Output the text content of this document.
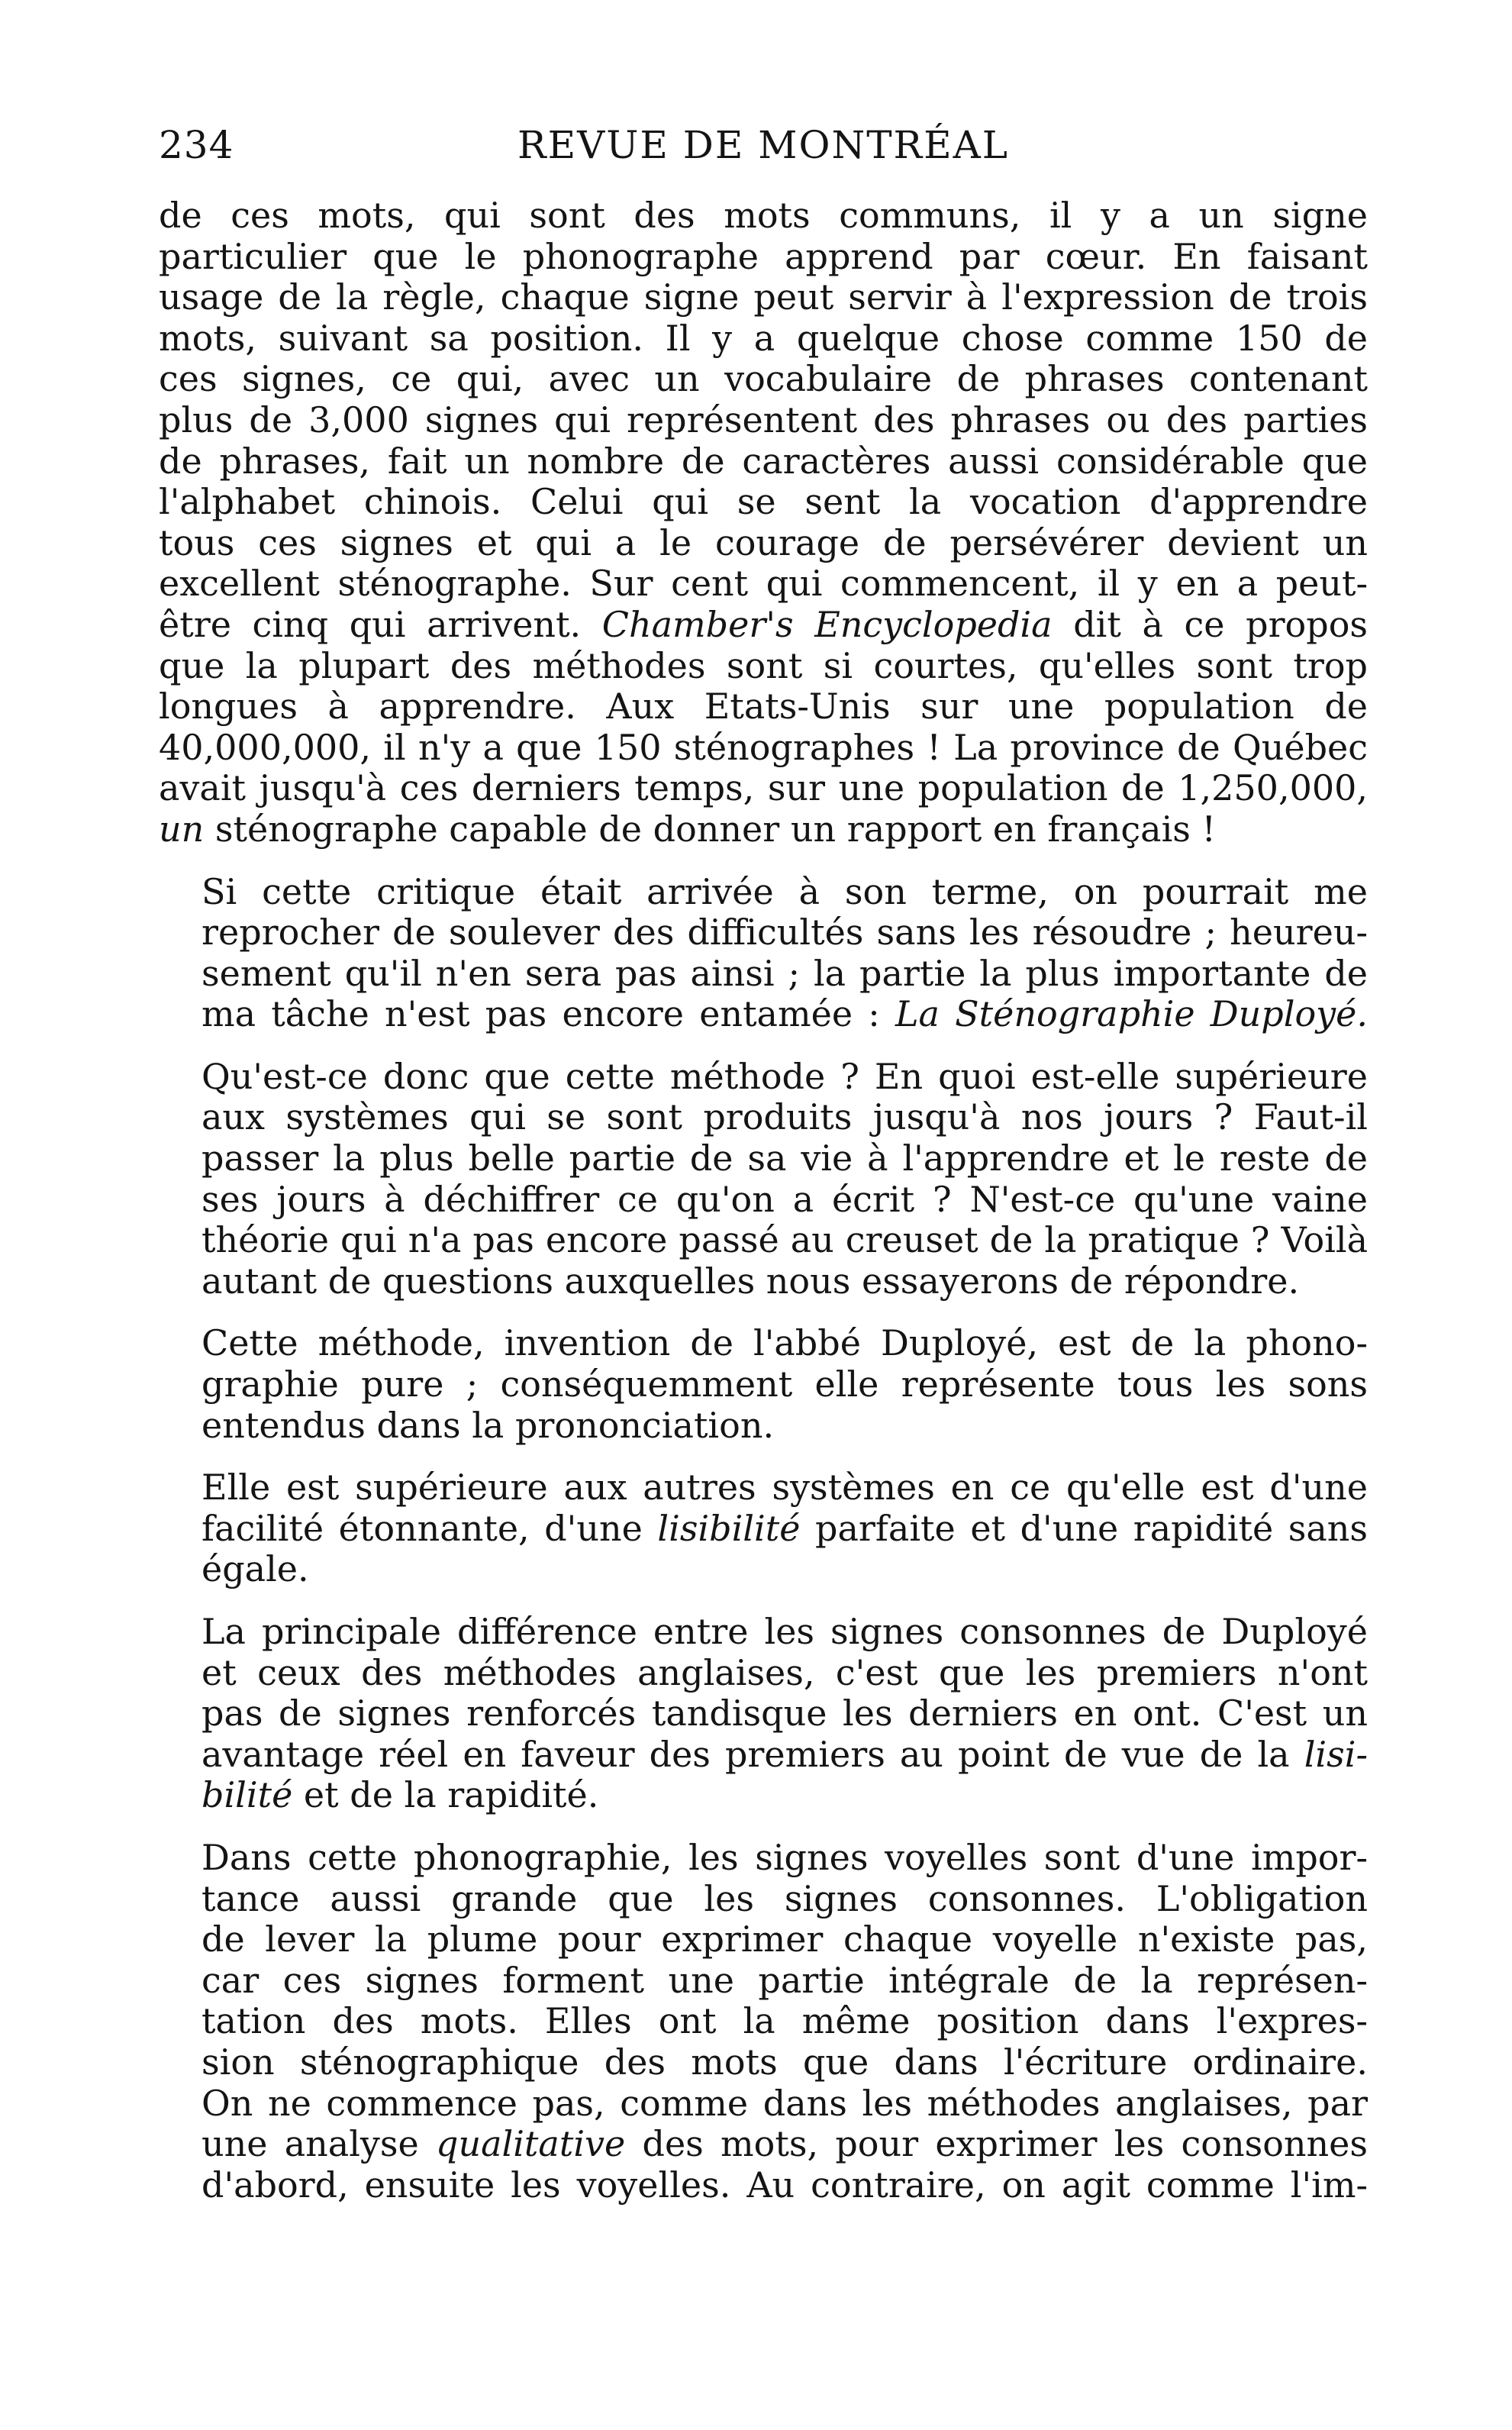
234	REVUE DE MONTRÉAL

de ces mots, qui sont des mots communs, il y a un signe
particulier que le phonographe apprend par cœur. En faisant
usage de la règle, chaque signe peut servir à l'expression de trois
mots, suivant sa position. Il y a quelque chose comme 150 de
ces signes, ce qui, avec un vocabulaire de phrases contenant
plus de 3,000 signes qui représentent des phrases ou des parties
de phrases, fait un nombre de caractères aussi considérable que
l'alphabet chinois. Celui qui se sent la vocation d'apprendre
tous ces signes et qui a le courage de persévérer devient un
excellent sténographe. Sur cent qui commencent, il y en a peut-
être cinq qui arrivent. Chamber's Encyclopedia dit à ce propos
que la plupart des méthodes sont si courtes, qu'elles sont trop
longues à apprendre. Aux Etats-Unis sur une population de
40,000,000, il n'y a que 150 sténographes ! La province de Québec
avait jusqu'à ces derniers temps, sur une population de 1,250,000,
un sténographe capable de donner un rapport en français !

Si cette critique était arrivée à son terme, on pourrait me
reprocher de soulever des difficultés sans les résoudre ; heureu-
sement qu'il n'en sera pas ainsi ; la partie la plus importante de
ma tâche n'est pas encore entamée : La Sténographie Duployé.

Qu'est-ce donc que cette méthode ? En quoi est-elle supérieure
aux systèmes qui se sont produits jusqu'à nos jours ? Faut-il
passer la plus belle partie de sa vie à l'apprendre et le reste de
ses jours à déchiffrer ce qu'on a écrit ? N'est-ce qu'une vaine
théorie qui n'a pas encore passé au creuset de la pratique ? Voilà
autant de questions auxquelles nous essayerons de répondre.

Cette méthode, invention de l'abbé Duployé, est de la phono-
graphie pure ; conséquemment elle représente tous les sons
entendus dans la prononciation.

Elle est supérieure aux autres systèmes en ce qu'elle est d'une
facilité étonnante, d'une lisibilité parfaite et d'une rapidité sans
égale.

La principale différence entre les signes consonnes de Duployé
et ceux des méthodes anglaises, c'est que les premiers n'ont
pas de signes renforcés tandisque les derniers en ont. C'est un
avantage réel en faveur des premiers au point de vue de la lisi-
bilité et de la rapidité.

Dans cette phonographie, les signes voyelles sont d'une impor-
tance aussi grande que les signes consonnes. L'obligation
de lever la plume pour exprimer chaque voyelle n'existe pas,
car ces signes forment une partie intégrale de la représen-
tation des mots. Elles ont la même position dans l'expres-
sion sténographique des mots que dans l'écriture ordinaire.
On ne commence pas, comme dans les méthodes anglaises, par
une analyse qualitative des mots, pour exprimer les consonnes
d'abord, ensuite les voyelles. Au contraire, on agit comme l'im-
